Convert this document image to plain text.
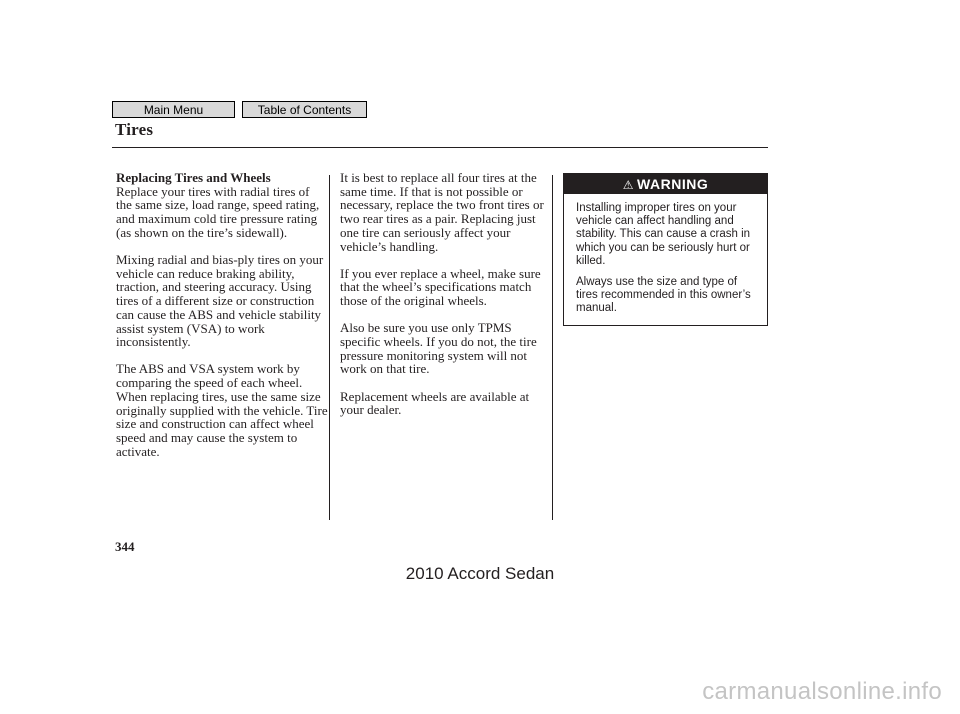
Main Menu	Table of Contents
Tires
Replacing Tires and Wheels

Replace your tires with radial tires of the same size, load range, speed rating, and maximum cold tire pressure rating (as shown on the tire’s sidewall).

Mixing radial and bias-ply tires on your vehicle can reduce braking ability, traction, and steering accuracy. Using tires of a different size or construction can cause the ABS and vehicle stability assist system (VSA) to work inconsistently.

The ABS and VSA system work by comparing the speed of each wheel. When replacing tires, use the same size originally supplied with the vehicle. Tire size and construction can affect wheel speed and may cause the system to activate.

It is best to replace all four tires at the same time. If that is not possible or necessary, replace the two front tires or two rear tires as a pair. Replacing just one tire can seriously affect your vehicle’s handling.

If you ever replace a wheel, make sure that the wheel’s specifications match those of the original wheels.

Also be sure you use only TPMS specific wheels. If you do not, the tire pressure monitoring system will not work on that tire.

Replacement wheels are available at your dealer.

⚠ WARNING

Installing improper tires on your vehicle can affect handling and stability. This can cause a crash in which you can be seriously hurt or killed.

Always use the size and type of tires recommended in this owner’s manual.

344
2010 Accord Sedan
carmanualsonline.info
